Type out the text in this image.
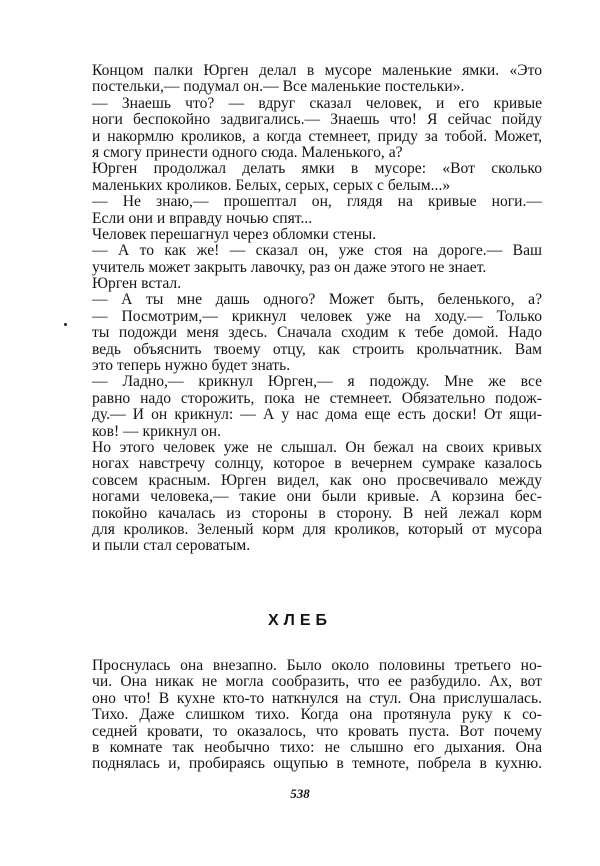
Концом палки Юрген делал в мусоре маленькие ямки. «Это
постельки,— подумал он.— Все маленькие постельки».
— Знаешь что? — вдруг сказал человек, и его кривые
ноги беспокойно задвигались.— Знаешь что! Я сейчас пойду
и накормлю кроликов, а когда стемнеет, приду за тобой. Может,
я смогу принести одного сюда. Маленького, а?
Юрген продолжал делать ямки в мусоре: «Вот сколько
маленьких кроликов. Белых, серых, серых с белым...»
— Не знаю,— прошептал он, глядя на кривые ноги.—
Если они и вправду ночью спят...
Человек перешагнул через обломки стены.
— А то как же! — сказал он, уже стоя на дороге.— Ваш
учитель может закрыть лавочку, раз он даже этого не знает.
Юрген встал.
— А ты мне дашь одного? Может быть, беленького, а?
— Посмотрим,— крикнул человек уже на ходу.— Только
ты подожди меня здесь. Сначала сходим к тебе домой. Надо
ведь объяснить твоему отцу, как строить крольчатник. Вам
это теперь нужно будет знать.
— Ладно,— крикнул Юрген,— я подожду. Мне же все
равно надо сторожить, пока не стемнеет. Обязательно подож-
ду.— И он крикнул: — А у нас дома еще есть доски! От ящи-
ков! — крикнул он.
Но этого человек уже не слышал. Он бежал на своих кривых
ногах навстречу солнцу, которое в вечернем сумраке казалось
совсем красным. Юрген видел, как оно просвечивало между
ногами человека,— такие они были кривые. А корзина бес-
покойно качалась из стороны в сторону. В ней лежал корм
для кроликов. Зеленый корм для кроликов, который от мусора
и пыли стал сероватым.
ХЛЕБ
Проснулась она внезапно. Было около половины третьего но-
чи. Она никак не могла сообразить, что ее разбудило. Ах, вот
оно что! В кухне кто-то наткнулся на стул. Она прислушалась.
Тихо. Даже слишком тихо. Когда она протянула руку к со-
седней кровати, то оказалось, что кровать пуста. Вот почему
в комнате так необычно тихо: не слышно его дыхания. Она
поднялась и, пробираясь ощупью в темноте, побрела в кухню.
538
